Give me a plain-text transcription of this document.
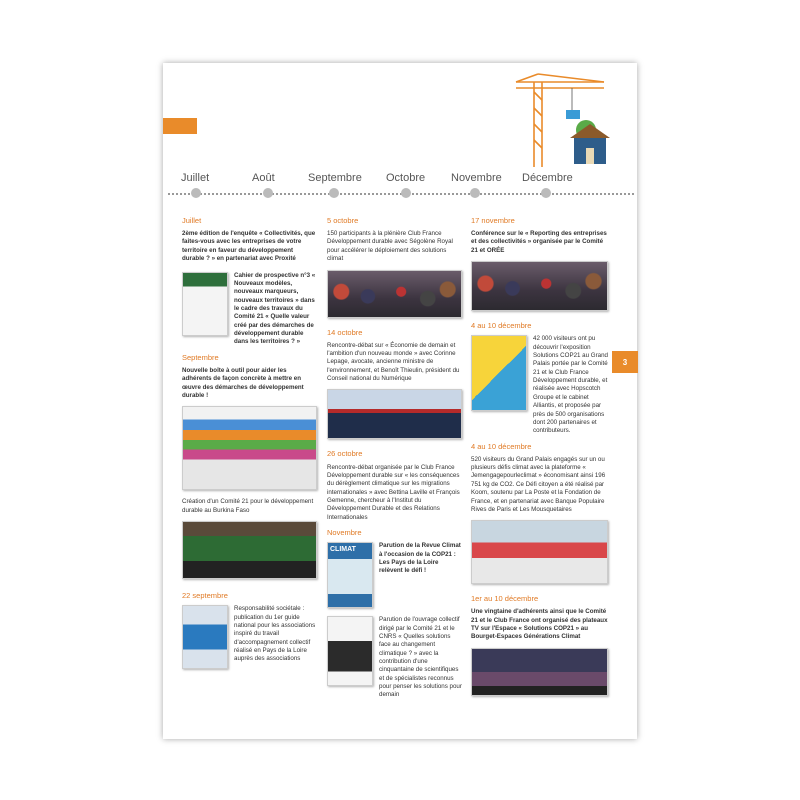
3
Juillet	Août	Septembre Octobre Novembre Décembre
Juillet
2ème édition de l'enquête « Collectivités, que faites-vous avec les entreprises de votre territoire en faveur du développement durable ? » en partenariat avec Proxité
Cahier de prospective n°3 « Nouveaux modèles, nouveaux marqueurs, nouveaux territoires » dans le cadre des travaux du Comité 21 « Quelle valeur créé par des démarches de développement durable dans les territoires ? »
Septembre
Nouvelle boîte à outil pour aider les adhérents de façon concrète à mettre en œuvre des démarches de développement durable !
Création d'un Comité 21 pour le développement durable au Burkina Faso
22 septembre
Responsabilité sociétale : publication du 1er guide national pour les associations inspiré du travail d'accompagnement collectif réalisé en Pays de la Loire auprès des associations
5 octobre
150 participants à la plénière Club France Développement durable avec Ségolène Royal pour accélérer le déploiement des solutions climat
14 octobre
Rencontre-débat sur « Économie de demain et l'ambition d'un nouveau monde » avec Corinne Lepage, avocate, ancienne ministre de l'environnement, et Benoît Thieulin, président du Conseil national du Numérique
26 octobre
Rencontre-débat organisée par le Club France Développement durable sur « les conséquences du dérèglement climatique sur les migrations internationales » avec Bettina Laville et François Gemenne, chercheur à l'Institut du Développement Durable et des Relations Internationales
Novembre
CLIMAT
Parution de la Revue Climat à l'occasion de la COP21 : Les Pays de la Loire relèvent le défi !
Parution de l'ouvrage collectif dirigé par le Comité 21 et le CNRS « Quelles solutions face au changement climatique ? » avec la contribution d'une cinquantaine de scientifiques et de spécialistes reconnus pour penser les solutions pour demain
17 novembre
Conférence sur le « Reporting des entreprises et des collectivités » organisée par le Comité 21 et ORÉE
4 au 10 décembre
42 000 visiteurs ont pu découvrir l'exposition Solutions COP21 au Grand Palais portée par le Comité 21 et le Club France Développement durable, et réalisée avec Hopscotch Groupe et le cabinet Alliantis, et proposée par près de 500 organisations dont 200 partenaires et contributeurs.
4 au 10 décembre
520 visiteurs du Grand Palais engagés sur un ou plusieurs défis climat avec la plateforme « Jemengagepourleclimat » économisant ainsi 196 751 kg de CO2. Ce Défi citoyen a été réalisé par Koom, soutenu par La Poste et la Fondation de France, et en partenariat avec Banque Populaire Rives de Paris et Les Mousquetaires
1er au 10 décembre
Une vingtaine d'adhérents ainsi que le Comité 21 et le Club France ont organisé des plateaux TV sur l'Espace « Solutions COP21 » au Bourget-Espaces Générations Climat
